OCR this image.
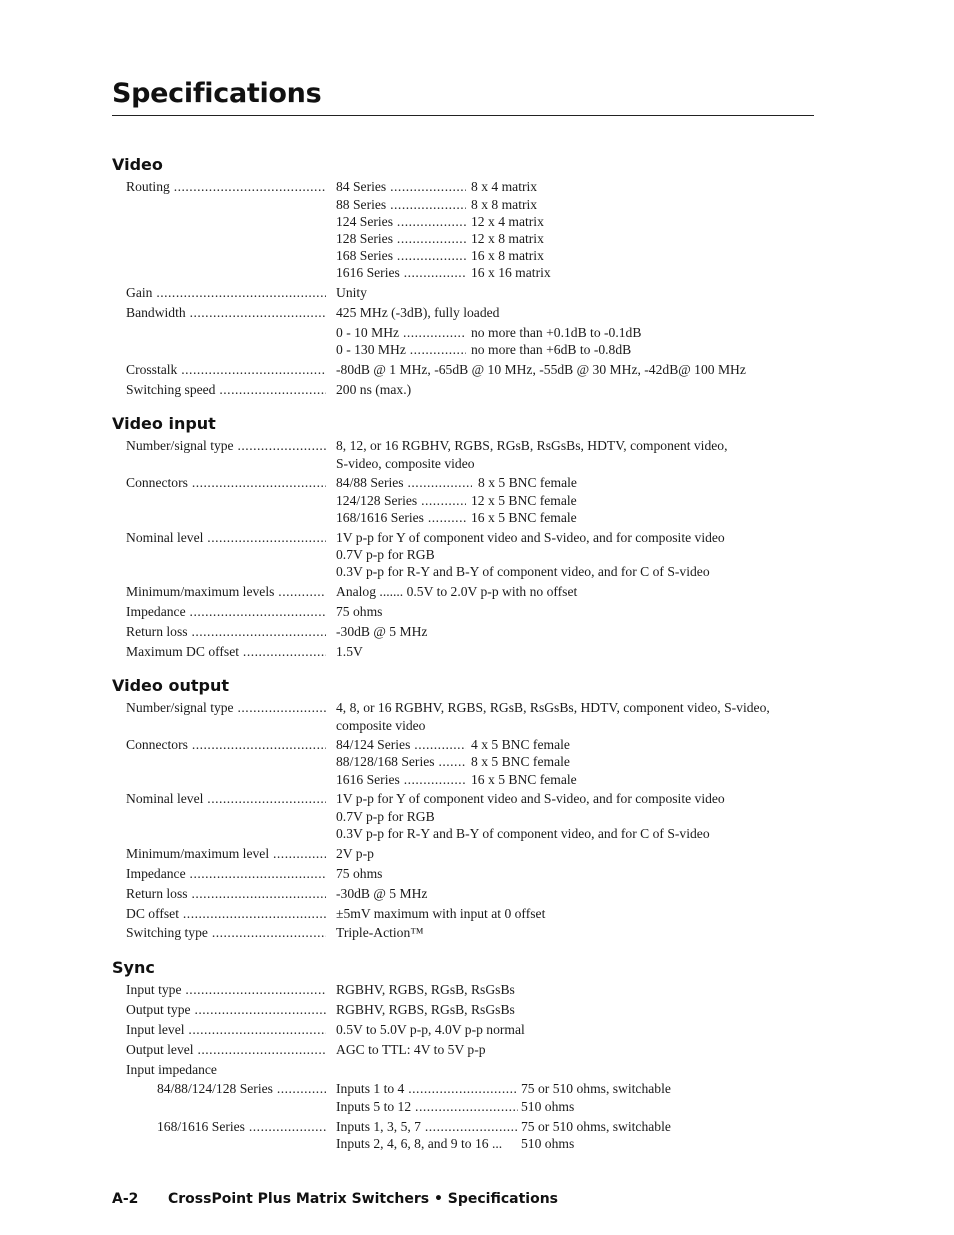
Specifications
Video
Routing .....	84 Series .....	8 x 4 matrix
88 Series .....	8 x 8 matrix
124 Series .....	12 x 4 matrix
128 Series .....	12 x 8 matrix
168 Series .....	16 x 8 matrix
1616 Series .....	16 x 16 matrix
Gain .....	Unity
Bandwidth .....	425 MHz (-3dB), fully loaded
0 - 10 MHz .....	no more than +0.1dB to -0.1dB
0 - 130 MHz .....	no more than +6dB to -0.8dB
Crosstalk .....	-80dB @ 1 MHz, -65dB @ 10 MHz, -55dB @ 30 MHz, -42dB@ 100 MHz
Switching speed .....	200 ns (max.)
Video input
Number/signal type .....	8, 12, or 16 RGBHV, RGBS, RGsB, RsGsBs, HDTV, component video,
S-video, composite video
Connectors .....	84/88 Series .....	8 x 5 BNC female
124/128 Series .....	12 x 5 BNC female
168/1616 Series .....	16 x 5 BNC female
Nominal level .....	1V p-p for Y of component video and S-video, and for composite video
0.7V p-p for RGB
0.3V p-p for R-Y and B-Y of component video, and for C of S-video
Minimum/maximum levels .....	Analog ....... 0.5V to 2.0V p-p with no offset
Impedance .....	75 ohms
Return loss .....	-30dB @ 5 MHz
Maximum DC offset .....	1.5V
Video output
Number/signal type .....	4, 8, or 16 RGBHV, RGBS, RGsB, RsGsBs, HDTV, component video, S-video,
composite video
Connectors .....	84/124 Series .....	4 x 5 BNC female
88/128/168 Series .....	8 x 5 BNC female
1616 Series .....	16 x 5 BNC female
Nominal level .....	1V p-p for Y of component video and S-video, and for composite video
0.7V p-p for RGB
0.3V p-p for R-Y and B-Y of component video, and for C of S-video
Minimum/maximum level .....	2V p-p
Impedance .....	75 ohms
Return loss .....	-30dB @ 5 MHz
DC offset .....	±5mV maximum with input at 0 offset
Switching type .....	Triple-Action™
Sync
Input type .....	RGBHV, RGBS, RGsB, RsGsBs
Output type .....	RGBHV, RGBS, RGsB, RsGsBs
Input level .....	0.5V to 5.0V p-p, 4.0V p-p normal
Output level .....	AGC to TTL: 4V to 5V p-p
Input impedance
84/88/124/128 Series .....	Inputs 1 to 4 .....	75 or 510 ohms, switchable
Inputs 5 to 12 .....	510 ohms
168/1616 Series .....	Inputs 1, 3, 5, 7 .....	75 or 510 ohms, switchable
Inputs 2, 4, 6, 8, and 9 to 16 ... 510 ohms
A-2 CrossPoint Plus Matrix Switchers • Specifications
